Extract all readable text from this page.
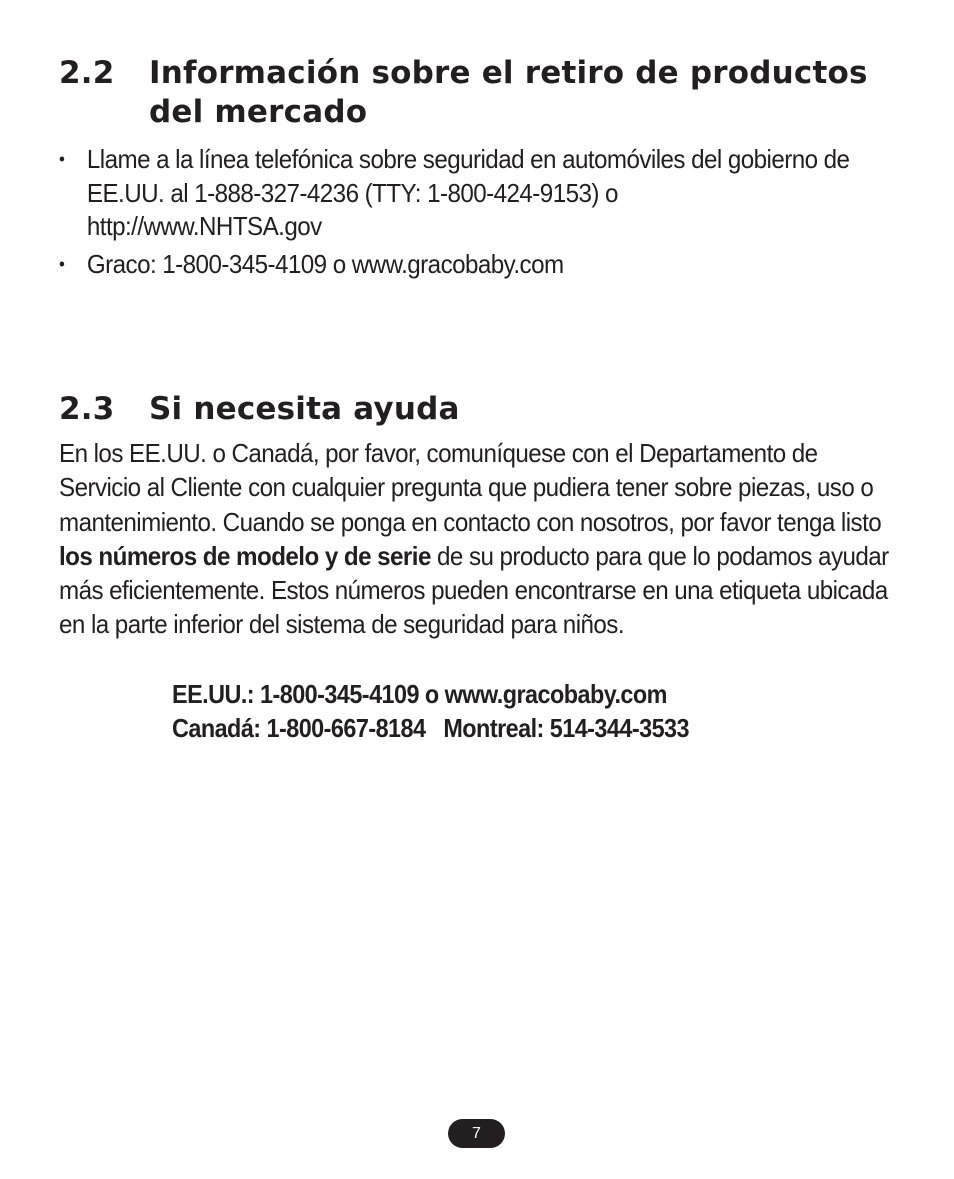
2.2 Información sobre el retiro de productos del mercado
• Llame a la línea telefónica sobre seguridad en automóviles del gobierno de EE.UU. al 1-888-327-4236 (TTY: 1-800-424-9153) o http://www.NHTSA.gov
• Graco: 1-800-345-4109 o www.gracobaby.com
2.3 Si necesita ayuda

En los EE.UU. o Canadá, por favor, comuníquese con el Departamento de Servicio al Cliente con cualquier pregunta que pudiera tener sobre piezas, uso o mantenimiento. Cuando se ponga en contacto con nosotros, por favor tenga listo los números de modelo y de serie de su producto para que lo podamos ayudar más eficientemente. Estos números pueden encontrarse en una etiqueta ubicada en la parte inferior del sistema de seguridad para niños.

EE.UU.: 1-800-345-4109 o www.gracobaby.com
Canadá: 1-800-667-8184   Montreal: 514-344-3533
7
